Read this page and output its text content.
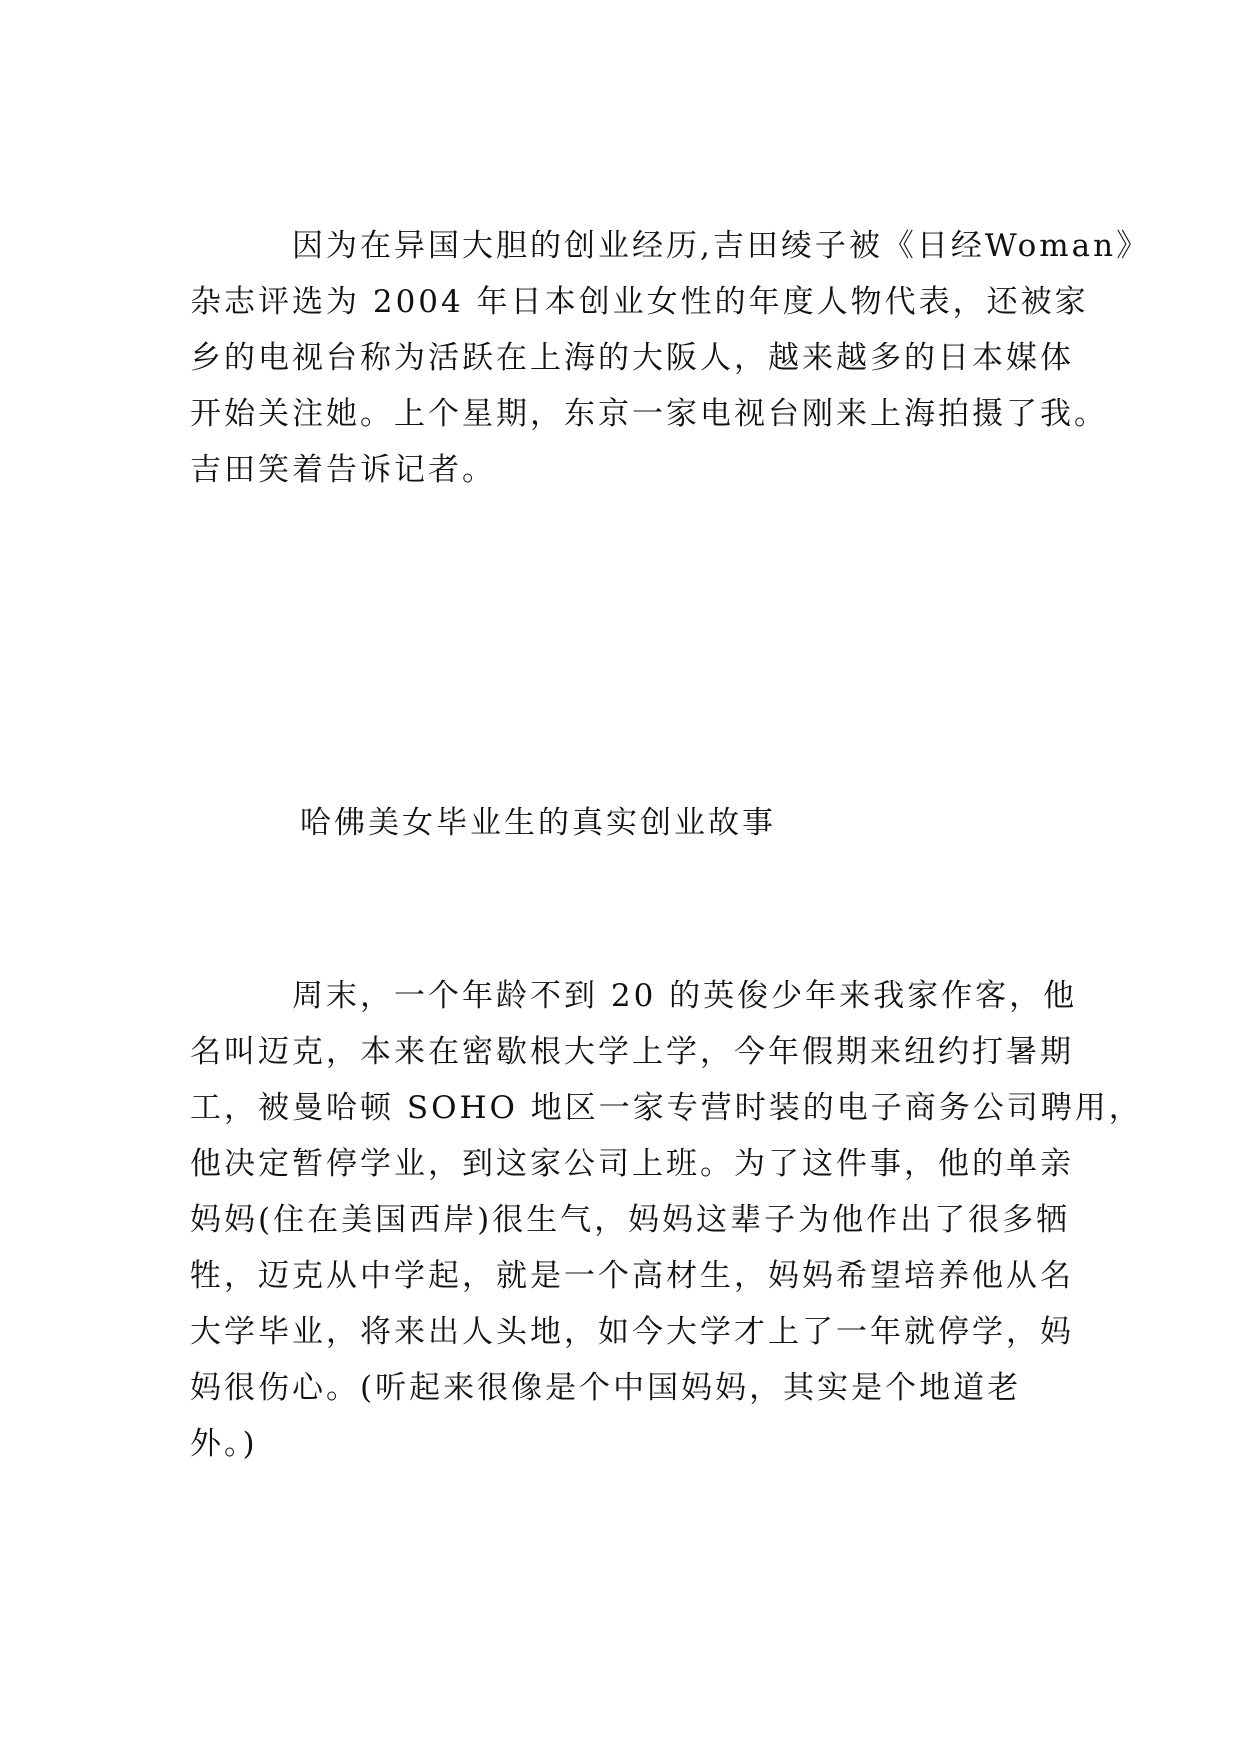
　　　因为在异国大胆的创业经历,吉田绫子被《日经Woman》
杂志评选为 2004 年日本创业女性的年度人物代表，还被家
乡的电视台称为活跃在上海的大阪人，越来越多的日本媒体
开始关注她。上个星期，东京一家电视台刚来上海拍摄了我。
吉田笑着告诉记者。
哈佛美女毕业生的真实创业故事
　　　周末，一个年龄不到 20 的英俊少年来我家作客，他
名叫迈克，本来在密歇根大学上学，今年假期来纽约打暑期
工，被曼哈顿 SOHO 地区一家专营时装的电子商务公司聘用，
他决定暂停学业，到这家公司上班。为了这件事，他的单亲
妈妈(住在美国西岸)很生气，妈妈这辈子为他作出了很多牺
牲，迈克从中学起，就是一个高材生，妈妈希望培养他从名
大学毕业，将来出人头地，如今大学才上了一年就停学，妈
妈很伤心。(听起来很像是个中国妈妈，其实是个地道老
外。)
